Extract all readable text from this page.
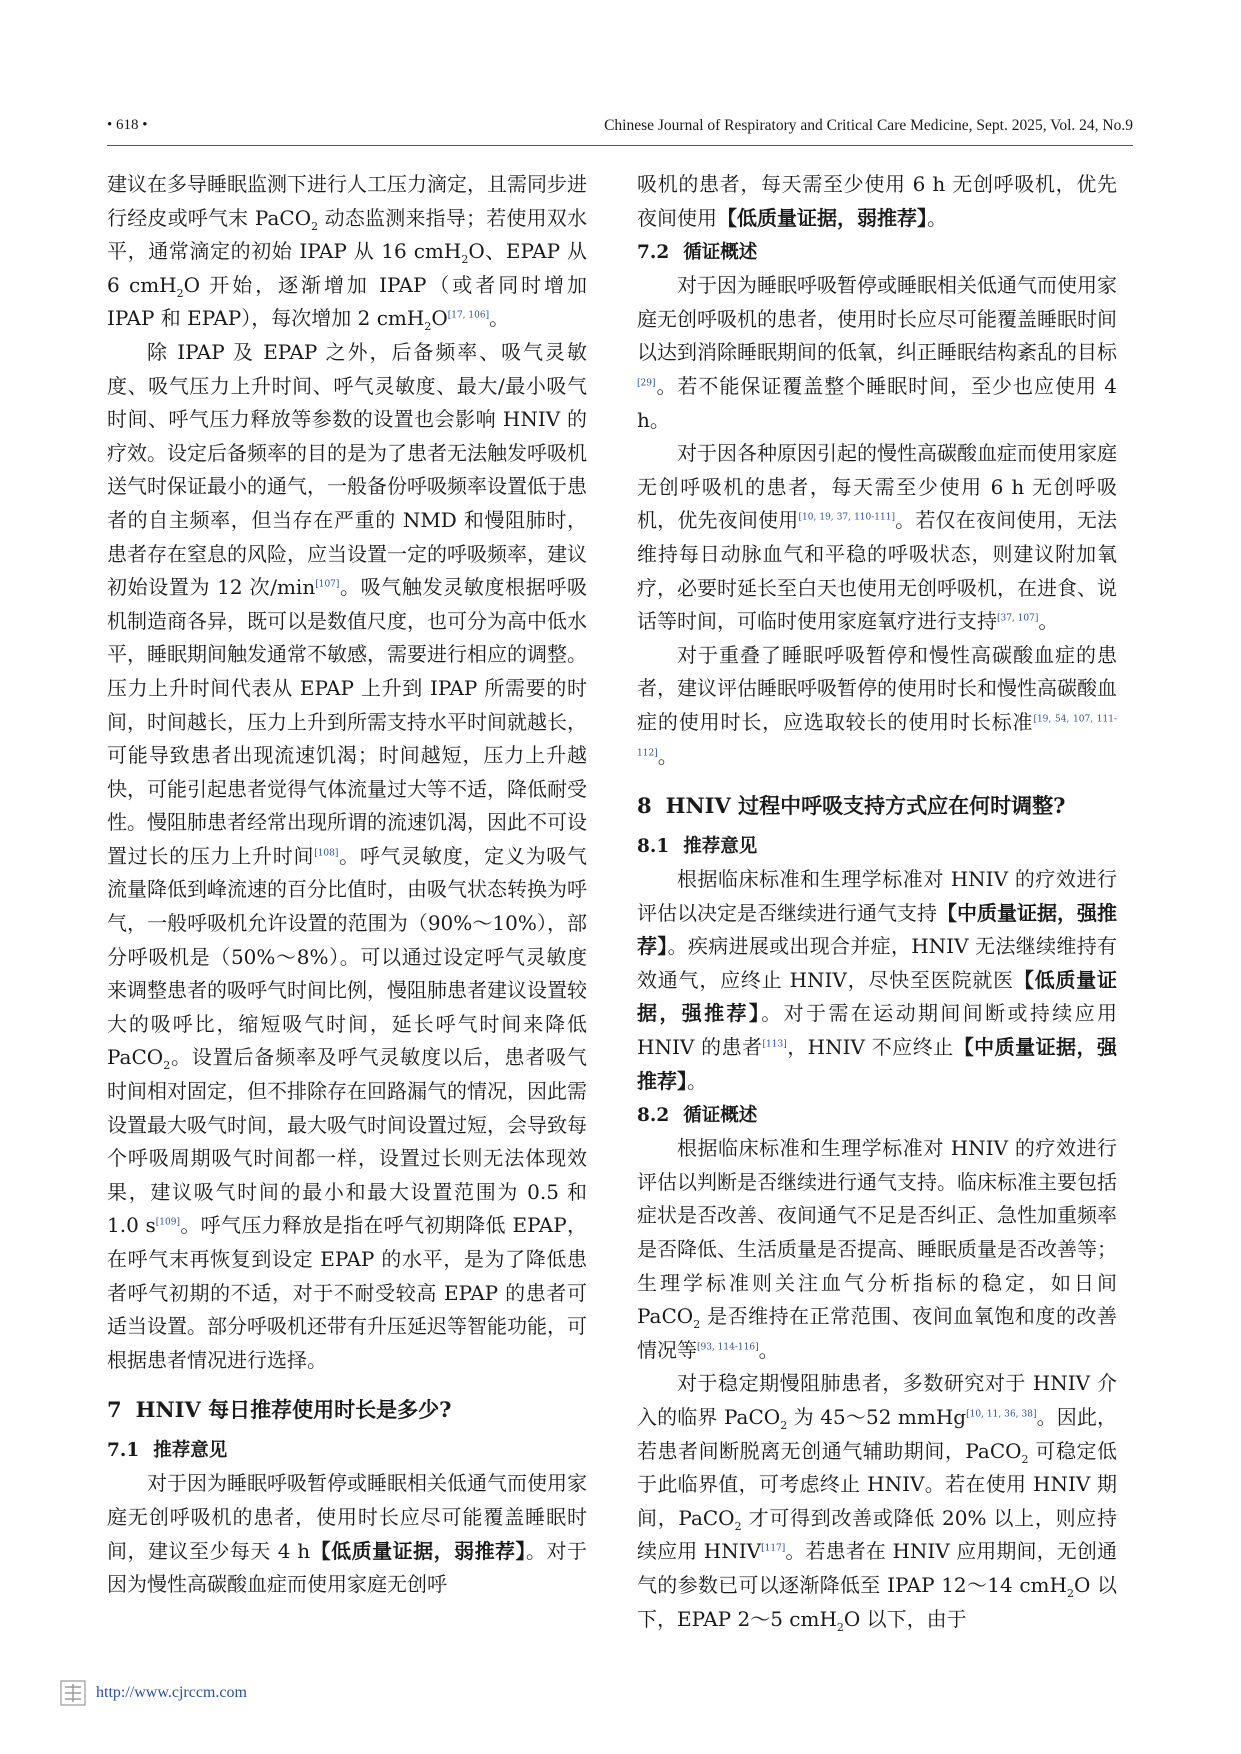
• 618 •	Chinese Journal of Respiratory and Critical Care Medicine, Sept. 2025, Vol. 24, No.9

建议在多导睡眠监测下进行人工压力滴定，且需同步进行经皮或呼气末 PaCO$_2$ 动态监测来指导；若使用双水平，通常滴定的初始 IPAP 从 16 cmH$_2$O、EPAP 从 6 cmH$_2$O 开始，逐渐增加 IPAP（或者同时增加 IPAP 和 EPAP），每次增加 2 cmH$_2$O[17, 106]。

除 IPAP 及 EPAP 之外，后备频率、吸气灵敏度、吸气压力上升时间、呼气灵敏度、最大/最小吸气时间、呼气压力释放等参数的设置也会影响 HNIV 的疗效。设定后备频率的目的是为了患者无法触发呼吸机送气时保证最小的通气，一般备份呼吸频率设置低于患者的自主频率，但当存在严重的 NMD 和慢阻肺时，患者存在窒息的风险，应当设置一定的呼吸频率，建议初始设置为 12 次/min[107]。吸气触发灵敏度根据呼吸机制造商各异，既可以是数值尺度，也可分为高中低水平，睡眠期间触发通常不敏感，需要进行相应的调整。压力上升时间代表从 EPAP 上升到 IPAP 所需要的时间，时间越长，压力上升到所需支持水平时间就越长，可能导致患者出现流速饥渴；时间越短，压力上升越快，可能引起患者觉得气体流量过大等不适，降低耐受性。慢阻肺患者经常出现所谓的流速饥渴，因此不可设置过长的压力上升时间[108]。呼气灵敏度，定义为吸气流量降低到峰流速的百分比值时，由吸气状态转换为呼气，一般呼吸机允许设置的范围为（90%～10%），部分呼吸机是（50%～8%）。可以通过设定呼气灵敏度来调整患者的吸呼气时间比例，慢阻肺患者建议设置较大的吸呼比，缩短吸气时间，延长呼气时间来降低 PaCO$_2$。设置后备频率及呼气灵敏度以后，患者吸气时间相对固定，但不排除存在回路漏气的情况，因此需设置最大吸气时间，最大吸气时间设置过短，会导致每个呼吸周期吸气时间都一样，设置过长则无法体现效果，建议吸气时间的最小和最大设置范围为 0.5 和 1.0 s[109]。呼气压力释放是指在呼气初期降低 EPAP，在呼气末再恢复到设定 EPAP 的水平，是为了降低患者呼气初期的不适，对于不耐受较高 EPAP 的患者可适当设置。部分呼吸机还带有升压延迟等智能功能，可根据患者情况进行选择。

7 HNIV 每日推荐使用时长是多少?
7.1 推荐意见

对于因为睡眠呼吸暂停或睡眠相关低通气而使用家庭无创呼吸机的患者，使用时长应尽可能覆盖睡眠时间，建议至少每天 4 h【低质量证据，弱推荐】。对于因为慢性高碳酸血症而使用家庭无创呼

吸机的患者，每天需至少使用 6 h 无创呼吸机，优先夜间使用【低质量证据，弱推荐】。

7.2 循证概述

对于因为睡眠呼吸暂停或睡眠相关低通气而使用家庭无创呼吸机的患者，使用时长应尽可能覆盖睡眠时间以达到消除睡眠期间的低氧，纠正睡眠结构紊乱的目标[29]。若不能保证覆盖整个睡眠时间，至少也应使用 4 h。

对于因各种原因引起的慢性高碳酸血症而使用家庭无创呼吸机的患者，每天需至少使用 6 h 无创呼吸机，优先夜间使用[10, 19, 37, 110-111]。若仅在夜间使用，无法维持每日动脉血气和平稳的呼吸状态，则建议附加氧疗，必要时延长至白天也使用无创呼吸机，在进食、说话等时间，可临时使用家庭氧疗进行支持[37, 107]。

对于重叠了睡眠呼吸暂停和慢性高碳酸血症的患者，建议评估睡眠呼吸暂停的使用时长和慢性高碳酸血症的使用时长，应选取较长的使用时长标准[19, 54, 107, 111-112]。

8 HNIV 过程中呼吸支持方式应在何时调整?
8.1 推荐意见

根据临床标准和生理学标准对 HNIV 的疗效进行评估以决定是否继续进行通气支持【中质量证据，强推荐】。疾病进展或出现合并症，HNIV 无法继续维持有效通气，应终止 HNIV，尽快至医院就医【低质量证据，强推荐】。对于需在运动期间间断或持续应用 HNIV 的患者[113]，HNIV 不应终止【中质量证据，强推荐】。

8.2 循证概述

根据临床标准和生理学标准对 HNIV 的疗效进行评估以判断是否继续进行通气支持。临床标准主要包括症状是否改善、夜间通气不足是否纠正、急性加重频率是否降低、生活质量是否提高、睡眠质量是否改善等；生理学标准则关注血气分析指标的稳定，如日间 PaCO$_2$ 是否维持在正常范围、夜间血氧饱和度的改善情况等[93, 114-116]。

对于稳定期慢阻肺患者，多数研究对于 HNIV 介入的临界 PaCO$_2$ 为 45～52 mmHg[10, 11, 36, 38]。因此，若患者间断脱离无创通气辅助期间，PaCO$_2$ 可稳定低于此临界值，可考虑终止 HNIV。若在使用 HNIV 期间，PaCO$_2$ 才可得到改善或降低 20% 以上，则应持续应用 HNIV[117]。若患者在 HNIV 应用期间，无创通气的参数已可以逐渐降低至 IPAP 12～14 cmH$_2$O 以下，EPAP 2～5 cmH$_2$O 以下，由于

http://www.cjrccm.com
